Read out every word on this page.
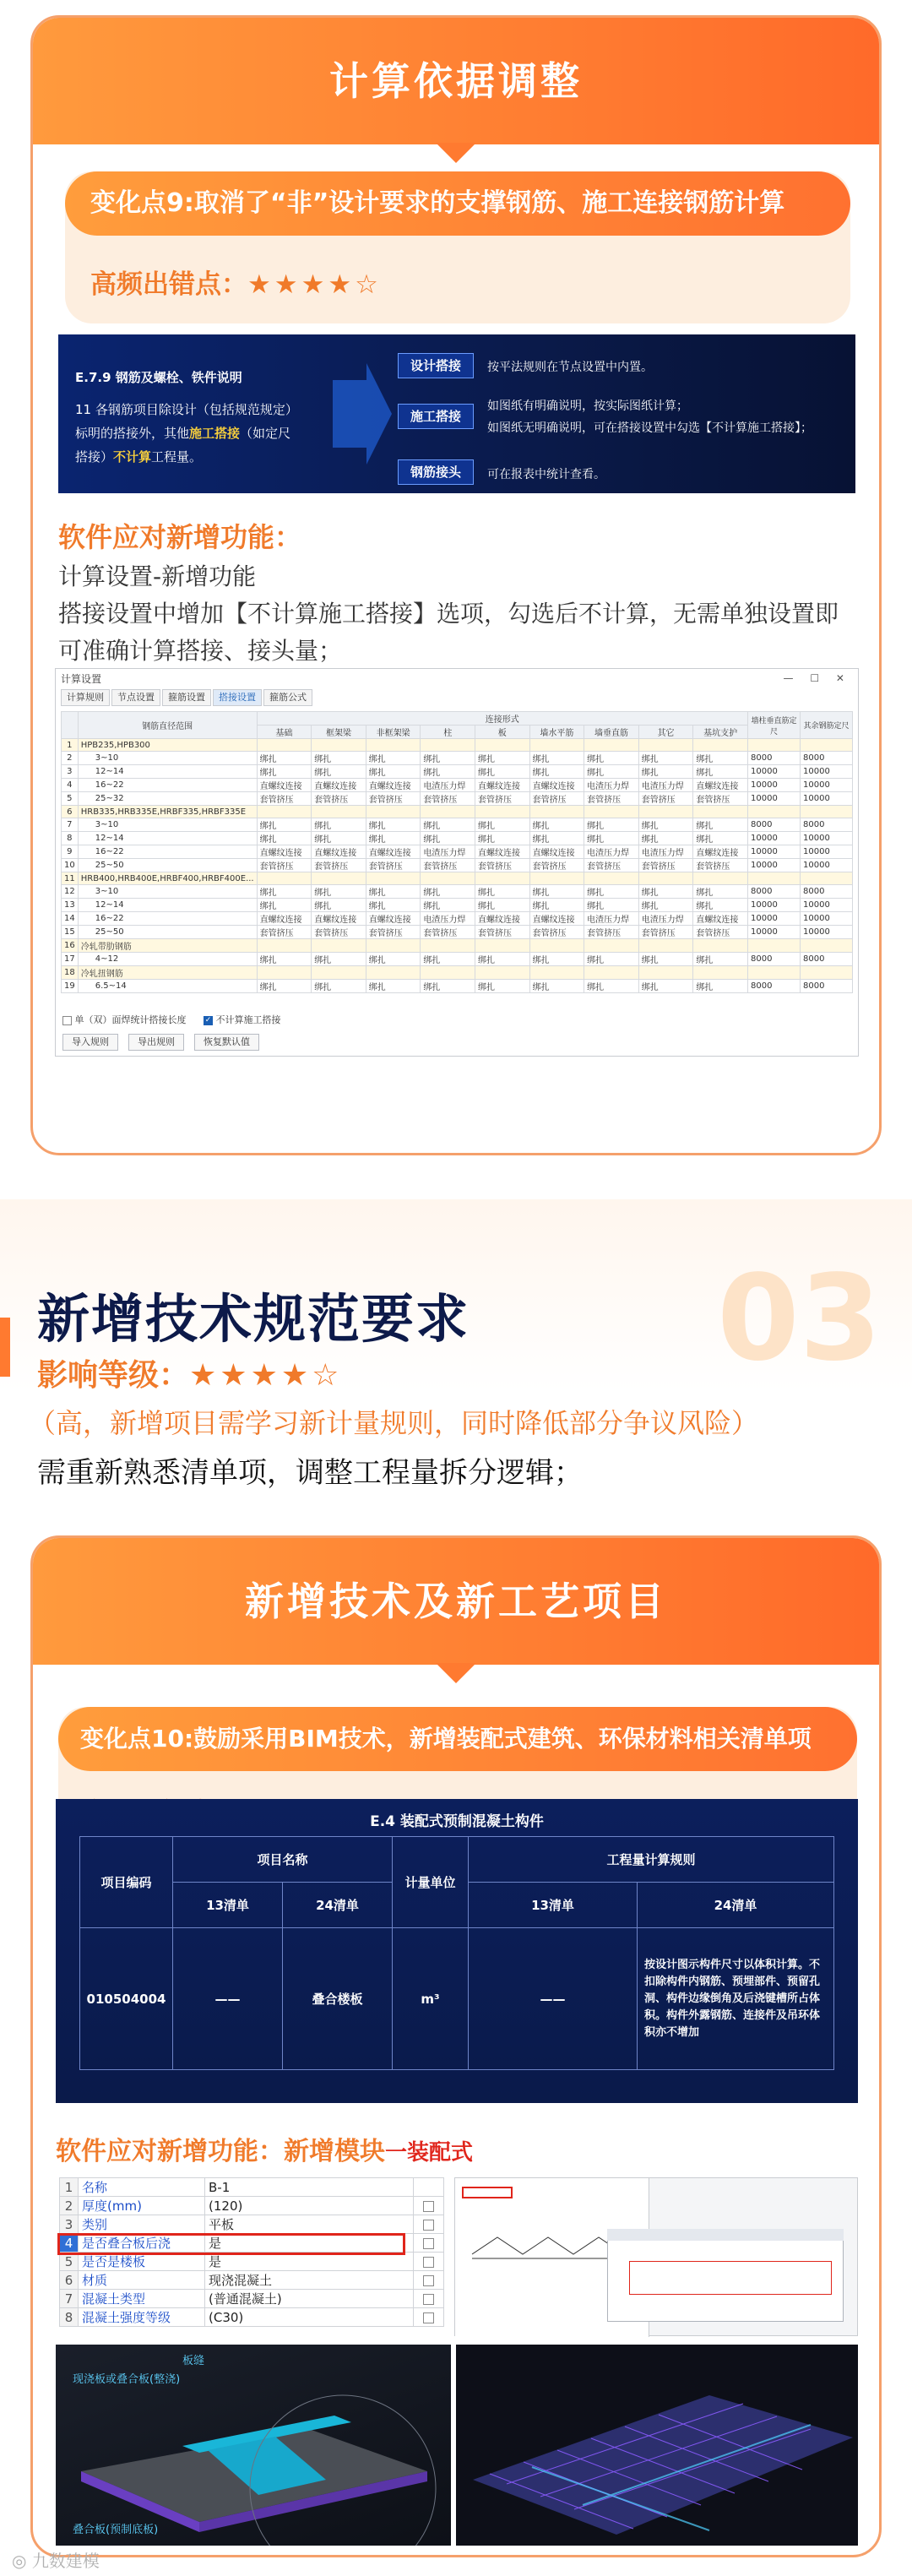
计算依据调整
变化点9:取消了“非”设计要求的支撑钢筋、施工连接钢筋计算
高频出错点：★★★★☆
E.7.9 钢筋及螺栓、铁件说明
11 各钢筋项目除设计（包括规范规定）
标明的搭接外，其他施工搭接（如定尺
搭接）不计算工程量。
设计搭接	按平法规则在节点设置中内置。
施工搭接
如图纸有明确说明，按实际图纸计算；
如图纸无明确说明，可在搭接设置中勾选【不计算施工搭接】；
钢筋接头	可在报表中统计查看。
软件应对新增功能：
计算设置-新增功能
搭接设置中增加【不计算施工搭接】选项，勾选后不计算，无需单独设置即
可准确计算搭接、接头量；
计算设置	— ☐ ✕
计算规则	节点设置	箍筋设置	搭接设置	箍筋公式
	钢筋直径范围	连接形式									墙柱垂直筋定尺	其余钢筋定尺
		基础	框架梁	非框架梁	柱	板	墙水平筋	墙垂直筋	其它	基坑支护		
1	HPB235,HPB300											
2	3~10	绑扎	绑扎	绑扎	绑扎	绑扎	绑扎	绑扎	绑扎	绑扎	8000	8000
3	12~14	绑扎	绑扎	绑扎	绑扎	绑扎	绑扎	绑扎	绑扎	绑扎	10000	10000
4	16~22	直螺纹连接	直螺纹连接	直螺纹连接	电渣压力焊	直螺纹连接	直螺纹连接	电渣压力焊	电渣压力焊	直螺纹连接	10000	10000
5	25~32	套管挤压	套管挤压	套管挤压	套管挤压	套管挤压	套管挤压	套管挤压	套管挤压	套管挤压	10000	10000
6	HRB335,HRB335E,HRBF335,HRBF335E											
7	3~10	绑扎	绑扎	绑扎	绑扎	绑扎	绑扎	绑扎	绑扎	绑扎	8000	8000
8	12~14	绑扎	绑扎	绑扎	绑扎	绑扎	绑扎	绑扎	绑扎	绑扎	10000	10000
9	16~22	直螺纹连接	直螺纹连接	直螺纹连接	电渣压力焊	直螺纹连接	直螺纹连接	电渣压力焊	电渣压力焊	直螺纹连接	10000	10000
10	25~50	套管挤压	套管挤压	套管挤压	套管挤压	套管挤压	套管挤压	套管挤压	套管挤压	套管挤压	10000	10000
11	HRB400,HRB400E,HRBF400,HRBF400E...											
12	3~10	绑扎	绑扎	绑扎	绑扎	绑扎	绑扎	绑扎	绑扎	绑扎	8000	8000
13	12~14	绑扎	绑扎	绑扎	绑扎	绑扎	绑扎	绑扎	绑扎	绑扎	10000	10000
14	16~22	直螺纹连接	直螺纹连接	直螺纹连接	电渣压力焊	直螺纹连接	直螺纹连接	电渣压力焊	电渣压力焊	直螺纹连接	10000	10000
15	25~50	套管挤压	套管挤压	套管挤压	套管挤压	套管挤压	套管挤压	套管挤压	套管挤压	套管挤压	10000	10000
16	冷轧带肋钢筋											
17	4~12	绑扎	绑扎	绑扎	绑扎	绑扎	绑扎	绑扎	绑扎	绑扎	8000	8000
18	冷轧扭钢筋											
19	6.5~14	绑扎	绑扎	绑扎	绑扎	绑扎	绑扎	绑扎	绑扎	绑扎	8000	8000
单（双）面焊统计搭接长度 ✓ 不计算施工搭接
导入规则	导出规则	恢复默认值
03
新增技术规范要求
影响等级：★★★★☆
（高，新增项目需学习新计量规则，同时降低部分争议风险）
需重新熟悉清单项，调整工程量拆分逻辑；
新增技术及新工艺项目
变化点10:鼓励采用BIM技术，新增装配式建筑、环保材料相关清单项
E.4 装配式预制混凝土构件
项目编码	项目名称		计量单位	工程量计算规则	
	13清单	24清单		13清单	24清单
010504004	——	叠合楼板	m³	——	按设计图示构件尺寸以体积计算。不扣除构件内钢筋、预埋部件、预留孔洞、构件边缘倒角及后浇键槽所占体积。构件外露钢筋、连接件及吊环体积亦不增加
软件应对新增功能：新增模块一装配式
1	名称	B-1	
2	厚度(mm)	(120)	
3	类别	平板	
4	是否叠合板后浇	是	
5	是否是楼板	是	
6	材质	现浇混凝土	
7	混凝土类型	(普通混凝土)	
8	混凝土强度等级	(C30)	
板缝
现浇板或叠合板(整浇)
叠合板(预制底板)
◎ 九数建模
